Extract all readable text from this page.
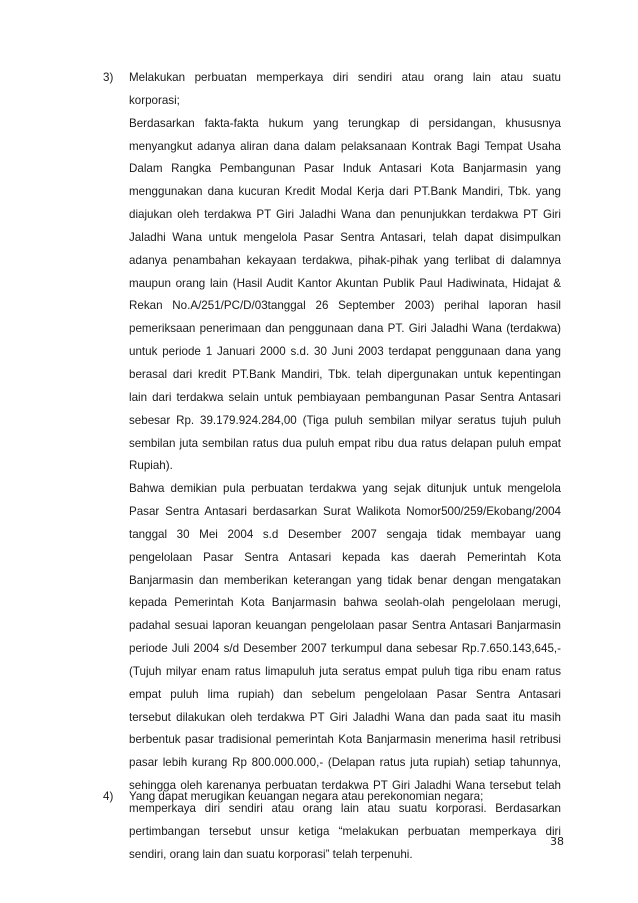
3) Melakukan perbuatan memperkaya diri sendiri atau orang lain atau suatu
korporasi;
Berdasarkan fakta-fakta hukum yang terungkap di persidangan, khususnya
menyangkut adanya aliran dana dalam pelaksanaan Kontrak Bagi Tempat Usaha
Dalam Rangka Pembangunan Pasar Induk Antasari Kota Banjarmasin yang
menggunakan dana kucuran Kredit Modal Kerja dari PT.Bank Mandiri, Tbk. yang
diajukan oleh terdakwa PT Giri Jaladhi Wana dan penunjukkan terdakwa PT Giri
Jaladhi Wana untuk mengelola Pasar Sentra Antasari, telah dapat disimpulkan
adanya penambahan kekayaan terdakwa, pihak-pihak yang terlibat di dalamnya
maupun orang lain (Hasil Audit Kantor Akuntan Publik Paul Hadiwinata, Hidajat &
Rekan No.A/251/PC/D/03tanggal 26 September 2003) perihal laporan hasil
pemeriksaan penerimaan dan penggunaan dana PT. Giri Jaladhi Wana (terdakwa)
untuk periode 1 Januari 2000 s.d. 30 Juni 2003 terdapat penggunaan dana yang
berasal dari kredit PT.Bank Mandiri, Tbk. telah dipergunakan untuk kepentingan
lain dari terdakwa selain untuk pembiayaan pembangunan Pasar Sentra Antasari
sebesar Rp. 39.179.924.284,00 (Tiga puluh sembilan milyar seratus tujuh puluh
sembilan juta sembilan ratus dua puluh empat ribu dua ratus delapan puluh empat
Rupiah).
Bahwa demikian pula perbuatan terdakwa yang sejak ditunjuk untuk mengelola
Pasar Sentra Antasari berdasarkan Surat Walikota Nomor500/259/Ekobang/2004
tanggal 30 Mei 2004 s.d Desember 2007 sengaja tidak membayar uang
pengelolaan Pasar Sentra Antasari kepada kas daerah Pemerintah Kota
Banjarmasin dan memberikan keterangan yang tidak benar dengan mengatakan
kepada Pemerintah Kota Banjarmasin bahwa seolah-olah pengelolaan merugi,
padahal sesuai laporan keuangan pengelolaan pasar Sentra Antasari Banjarmasin
periode Juli 2004 s/d Desember 2007 terkumpul dana sebesar Rp.7.650.143,645,-
(Tujuh milyar enam ratus limapuluh juta seratus empat puluh tiga ribu enam ratus
empat puluh lima rupiah) dan sebelum pengelolaan Pasar Sentra Antasari
tersebut dilakukan oleh terdakwa PT Giri Jaladhi Wana dan pada saat itu masih
berbentuk pasar tradisional pemerintah Kota Banjarmasin menerima hasil retribusi
pasar lebih kurang Rp 800.000.000,- (Delapan ratus juta rupiah) setiap tahunnya,
sehingga oleh karenanya perbuatan terdakwa PT Giri Jaladhi Wana tersebut telah
memperkaya diri sendiri atau orang lain atau suatu korporasi. Berdasarkan
pertimbangan tersebut unsur ketiga “melakukan perbuatan memperkaya diri
sendiri, orang lain dan suatu korporasi” telah terpenuhi.
4) Yang dapat merugikan keuangan negara atau perekonomian negara;
38
